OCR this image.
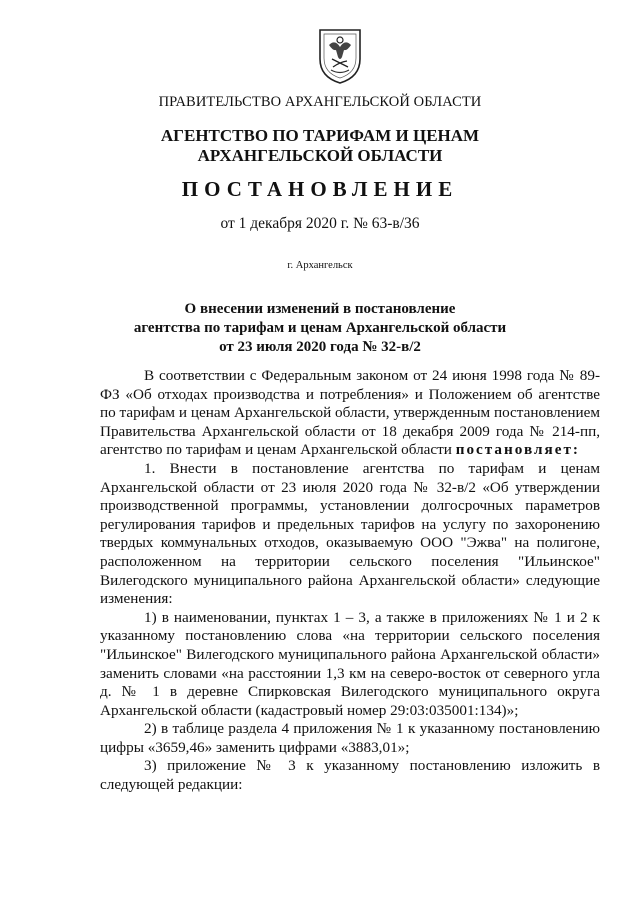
ПРАВИТЕЛЬСТВО АРХАНГЕЛЬСКОЙ ОБЛАСТИ
АГЕНТСТВО ПО ТАРИФАМ И ЦЕНАМ
АРХАНГЕЛЬСКОЙ ОБЛАСТИ
ПОСТАНОВЛЕНИЕ
от 1 декабря 2020 г. № 63-в/36
г. Архангельск
О внесении изменений в постановление
агентства по тарифам и ценам Архангельской области
от 23 июля 2020 года № 32-в/2

В соответствии с Федеральным законом от 24 июня 1998 года № 89-ФЗ «Об отходах производства и потребления» и Положением об агентстве по тарифам и ценам Архангельской области, утвержденным постановлением Правительства Архангельской области от 18 декабря 2009 года № 214-пп, агентство по тарифам и ценам Архангельской области постановляет:

1. Внести в постановление агентства по тарифам и ценам Архангельской области от 23 июля 2020 года № 32-в/2 «Об утверждении производственной программы, установлении долгосрочных параметров регулирования тарифов и предельных тарифов на услугу по захоронению твердых коммунальных отходов, оказываемую ООО "Эжва" на полигоне, расположенном на территории сельского поселения "Ильинское" Вилегодского муниципального района Архангельской области» следующие изменения:

1) в наименовании, пунктах 1 – 3, а также в приложениях № 1 и 2 к указанному постановлению слова «на территории сельского поселения "Ильинское" Вилегодского муниципального района Архангельской области» заменить словами «на расстоянии 1,3 км на северо-восток от северного угла д. № 1 в деревне Спирковская Вилегодского муниципального округа Архангельской области (кадастровый номер 29:03:035001:134)»;

2) в таблице раздела 4 приложения № 1 к указанному постановлению цифры «3659,46» заменить цифрами «3883,01»;

3) приложение № 3 к указанному постановлению изложить в следующей редакции:
